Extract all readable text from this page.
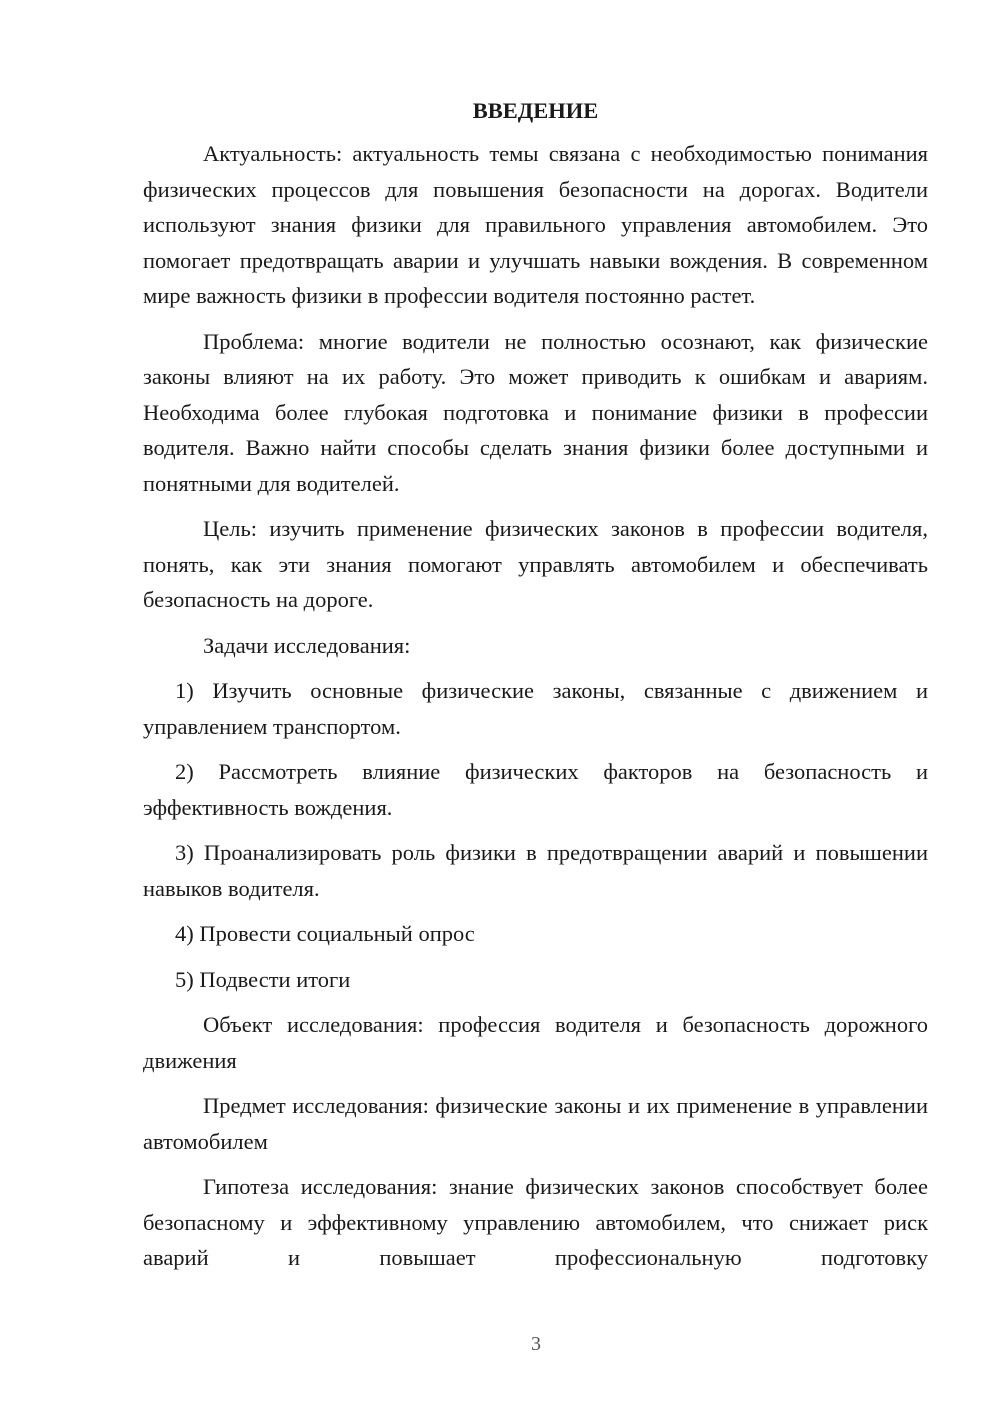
ВВЕДЕНИЕ

Актуальность: актуальность темы связана с необходимостью понимания физических процессов для повышения безопасности на дорогах. Водители используют знания физики для правильного управления автомобилем. Это помогает предотвращать аварии и улучшать навыки вождения. В современном мире важность физики в профессии водителя постоянно растет.

Проблема: многие водители не полностью осознают, как физические законы влияют на их работу. Это может приводить к ошибкам и авариям. Необходима более глубокая подготовка и понимание физики в профессии водителя. Важно найти способы сделать знания физики более доступными и понятными для водителей.

Цель: изучить применение физических законов в профессии водителя, понять, как эти знания помогают управлять автомобилем и обеспечивать безопасность на дороге.

Задачи исследования:

1) Изучить основные физические законы, связанные с движением и управлением транспортом.

2) Рассмотреть влияние физических факторов на безопасность и эффективность вождения.

3) Проанализировать роль физики в предотвращении аварий и повышении навыков водителя.

4) Провести социальный опрос

5) Подвести итоги

Объект исследования: профессия водителя и безопасность дорожного движения

Предмет исследования: физические законы и их применение в управлении автомобилем

Гипотеза исследования: знание физических законов способствует более безопасному и эффективному управлению автомобилем, что снижает риск аварий и повышает профессиональную подготовку

3
